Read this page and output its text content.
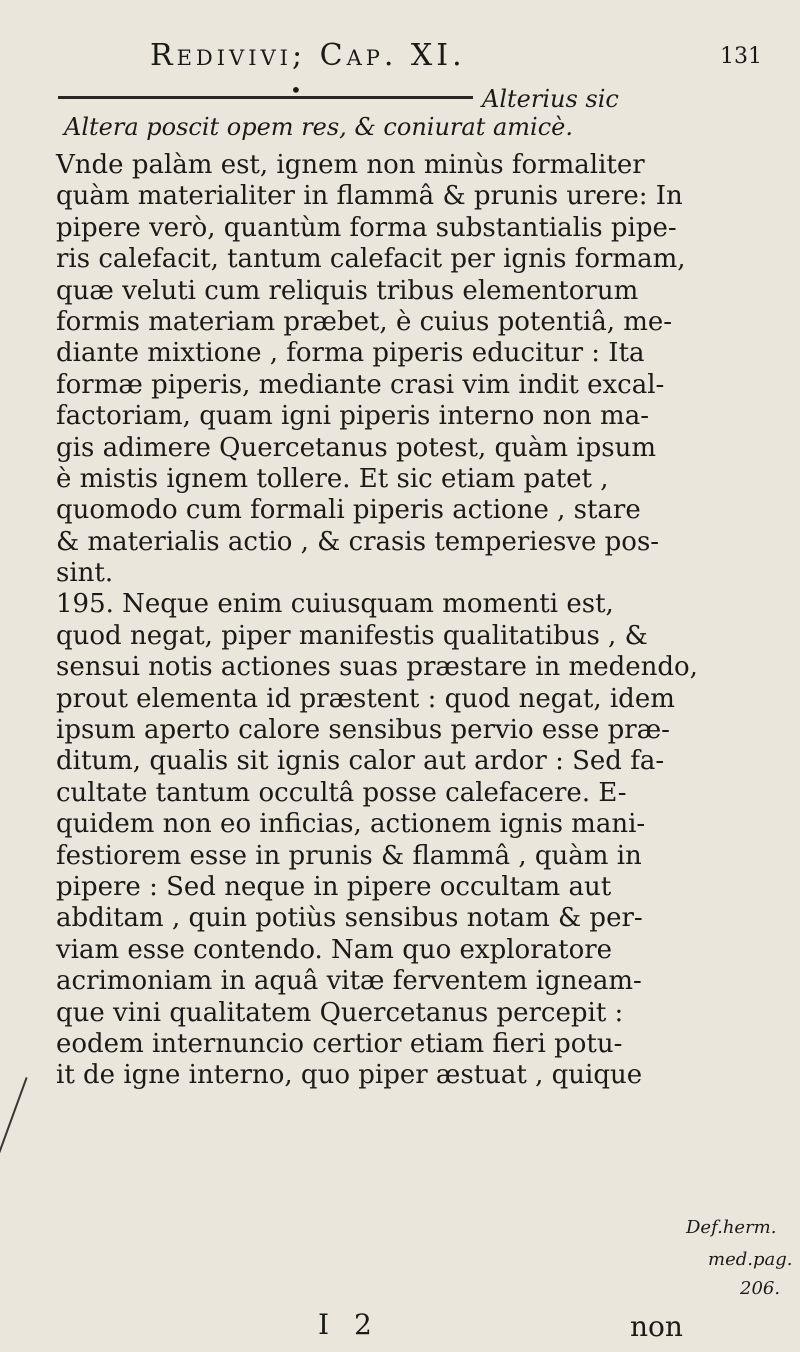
Redivivi; Cap. XI.	131
•	Alterius sic
Altera poscit opem res, & coniurat amicè.
Vnde palàm est, ignem non minùs formaliter
quàm materialiter in flammâ & prunis urere: In
pipere verò, quantùm forma substantialis pipe-
ris calefacit, tantum calefacit per ignis formam,
quæ veluti cum reliquis tribus elementorum
formis materiam præbet, è cuius potentiâ, me-
diante mixtione , forma piperis educitur : Ita
formæ piperis, mediante crasi vim indit excal-
factoriam, quam igni piperis interno non ma-
gis adimere Quercetanus potest, quàm ipsum
è mistis ignem tollere. Et sic etiam patet ,
quomodo cum formali piperis actione , stare
& materialis actio , & crasis temperiesve pos-
sint.
195. Neque enim cuiusquam momenti est,
quod negat, piper manifestis qualitatibus , &
sensui notis actiones suas præstare in medendo,
prout elementa id præstent : quod negat, idem
ipsum aperto calore sensibus pervio esse præ-
ditum, qualis sit ignis calor aut ardor : Sed fa-
cultate tantum occultâ posse calefacere. E-
quidem non eo inficias, actionem ignis mani-
festiorem esse in prunis & flammâ , quàm in
pipere : Sed neque in pipere occultam aut
abditam , quin potiùs sensibus notam & per-
viam esse contendo. Nam quo exploratore
acrimoniam in aquâ vitæ ferventem igneam-
que vini qualitatem Quercetanus percepit :
eodem internuncio certior etiam fieri potu-
it de igne interno, quo piper æstuat , quique
Def.herm.
med.pag.
206.
I 2	non
